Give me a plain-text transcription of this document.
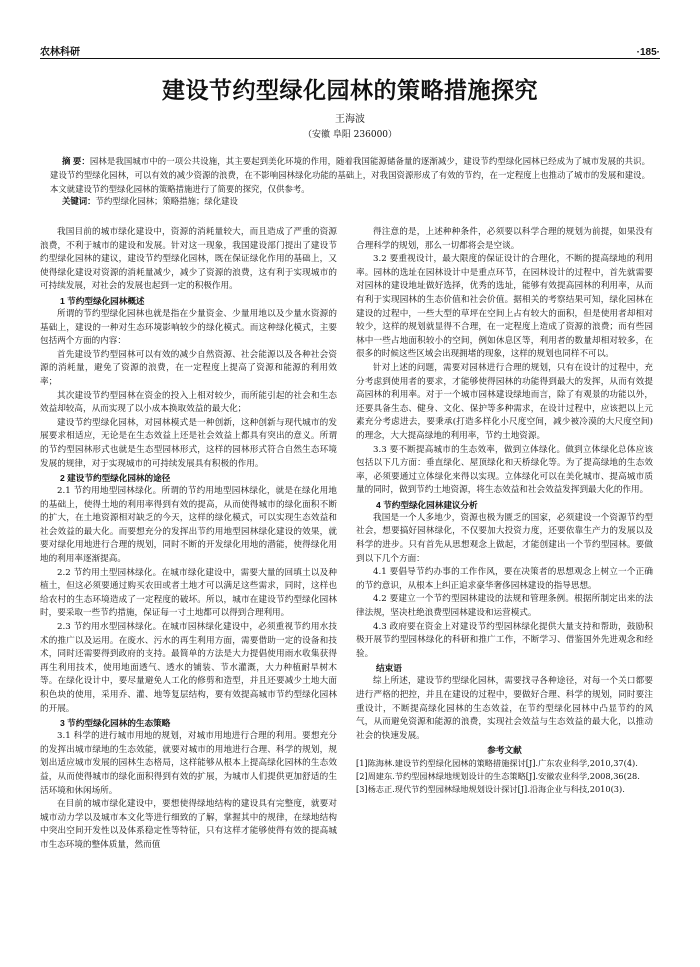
农林科研	·185·
建设节约型绿化园林的策略措施探究
王海波
（安徽 阜阳 236000）
摘 要：园林是我国城市中的一项公共设施，其主要起到美化环境的作用，随着我国能源储备量的逐渐减少，建设节约型绿化园林已经成为了城市发展的共识。建设节约型绿化园林，可以有效的减少资源的浪费，在不影响园林绿化功能的基础上，对我国资源形成了有效的节约，在一定程度上也推动了城市的发展和建设。本文就建设节约型绿化园林的策略措施进行了简要的探究，仅供参考。
关键词：节约型绿化园林；策略措施；绿化建设

我国目前的城市绿化建设中，资源的消耗量较大，而且造成了严重的资源浪费，不利于城市的建设和发展。针对这一现象，我国建设部门提出了建设节约型绿化园林的建议，建设节约型绿化园林，既在保证绿化作用的基础上，又使得绿化建设对资源的消耗量减少，减少了资源的浪费，这有利于实现城市的可持续发展，对社会的发展也起到一定的积极作用。

1 节约型绿化园林概述

所谓的节约型绿化园林也就是指在少量资金、少量用地以及少量水资源的基础上，建设的一种对生态环境影响较少的绿化模式。而这种绿化模式，主要包括两个方面的内容：

首先建设节约型园林可以有效的减少自然资源、社会能源以及各种社会资源的消耗量，避免了资源的浪费，在一定程度上提高了资源和能源的利用效率；

其次建设节约型园林在资金的投入上相对较少，而所能引起的社会和生态效益却较高，从而实现了以小成本换取效益的最大化；

建设节约型绿化园林，对园林模式是一种创新，这种创新与现代城市的发展要求相适应，无论是在生态效益上还是社会效益上都具有突出的意义。所谓的节约型园林形式也就是生态型园林形式，这样的园林形式符合自然生态环境发展的规律，对于实现城市的可持续发展具有积极的作用。

2 建设节约型绿化园林的途径

2.1 节约用地型园林绿化。所谓的节约用地型园林绿化，就是在绿化用地的基础上，使得土地的利用率得到有效的提高，从而使得城市的绿化面积不断的扩大，在土地资源相对缺乏的今天，这样的绿化模式，可以实现生态效益和社会效益的最大化。而要想充分的发挥出节约用地型园林绿化建设的效果，就要对绿化用地进行合理的规划，同时不断的开发绿化用地的潜能，使得绿化用地的利用率逐渐提高。

2.2 节约用土型园林绿化。在城市绿化建设中，需要大量的回填土以及种植土，但这必须要通过购买农田或者土地才可以满足这些需求，同时，这样也给农村的生态环境造成了一定程度的破坏。所以，城市在建设节约型绿化园林时，要采取一些节约措施，保证每一寸土地都可以得到合理利用。

2.3 节约用水型园林绿化。在城市园林绿化建设中，必须重视节约用水技术的推广以及运用。在废水、污水的再生利用方面，需要借助一定的设备和技术，同时还需要得到政府的支持。最简单的方法是大力提倡使用雨水收集获得再生利用技术，使用地面透气、透水的铺装、节水灌溉，大力种植耐旱树木等。在绿化设计中，要尽量避免人工化的修剪和造型，并且还要减少土地大面积色块的使用，采用乔、灌、地等复层结构，要有效提高城市节约型绿化园林的开展。

3 节约型绿化园林的生态策略

3.1 科学的进行城市用地的规划，对城市用地进行合理的利用。要想充分的发挥出城市绿地的生态效能，就要对城市的用地进行合理、科学的规划，规划出适应城市发展的园林生态格局，这样能够从根本上提高绿化园林的生态效益，从而使得城市的绿化面积得到有效的扩展，为城市人们提供更加舒适的生活环境和休闲场所。

在目前的城市绿化建设中，要想使得绿地结构的建设具有完整度，就要对城市动力学以及城市本文化等进行细致的了解，掌握其中的规律，在绿地结构中突出空间开发性以及体系稳定性等特征，只有这样才能够使得有效的提高城市生态环境的整体质量，然而值

得注意的是，上述种种条件，必须要以科学合理的规划为前提，如果没有合理科学的规划，那么一切都将会是空谈。

3.2 要重视设计，最大限度的保证设计的合理化，不断的提高绿地的利用率。园林的选址在园林设计中是重点环节，在园林设计的过程中，首先就需要对园林的建设地址做好选择，优秀的选址，能够有效提高园林的利用率，从而有利于实现园林的生态价值和社会价值。据相关的考察结果可知，绿化园林在建设的过程中，一些大型的草坪在空间上占有较大的面积，但是使用者却相对较少，这样的规划就显得不合理，在一定程度上造成了资源的浪费；而有些园林中一些占地面积较小的空间，例如休息区等，利用者的数量却相对较多，在很多的时候这些区域会出现拥堵的现象，这样的规划也同样不可以。

针对上述的问题，需要对园林进行合理的规划，只有在设计的过程中，充分考虑到使用者的要求，才能够使得园林的功能得到最大的发挥，从而有效提高园林的利用率。对于一个城市园林建设绿地而言，除了有观景的功能以外，还要具备生态、健身、文化、保护等多种需求，在设计过程中，应该把以上元素充分考虑进去，要秉承(打造多样化小尺度空间，减少被冷漠的大尺度空间)的理念，大大提高绿地的利用率，节约土地资源。

3.3 要不断提高城市的生态效率，做到立体绿化。做到立体绿化总体应该包括以下几方面：垂直绿化、屋顶绿化和天桥绿化等。为了提高绿地的生态效率，必须要通过立体绿化来得以实现。立体绿化可以在美化城市、提高城市质量的同时，做到节约土地资源，将生态效益和社会效益发挥到最大化的作用。

4 节约型绿化园林建议分析

我国是一个人多地少，资源也极为匮乏的国家，必须建设一个资源节约型社会，想要搞好园林绿化，不仅要加大投资力度，还要依靠生产力的发展以及科学的进步。只有首先从思想观念上做起，才能创建出一个节约型园林。要做到以下几个方面：

4.1 要倡导节约办事的工作作风，要在决策者的思想观念上树立一个正确的节约意识，从根本上纠正追求豪华奢侈园林建设的指导思想。

4.2 要建立一个节约型园林建设的法规和管理条例。根据所制定出来的法律法规，坚决杜绝浪费型园林建设和运营模式。

4.3 政府要在资金上对建设节约型园林绿化提供大量支持和帮助，鼓励积极开展节约型园林绿化的科研和推广工作，不断学习、借鉴国外先进观念和经验。

结束语

综上所述，建设节约型绿化园林，需要找寻各种途径，对每一个关口都要进行严格的把控，并且在建设的过程中，要做好合理、科学的规划，同时要注重设计，不断提高绿化园林的生态效益，在节约型绿化园林中凸显节约的风气，从而避免资源和能源的浪费，实现社会效益与生态效益的最大化，以推动社会的快速发展。

参考文献

[1]陈海林.建设节约型绿化园林的策略措施探讨[J].广东农业科学,2010,37(4).

[2]周建东.节约型园林绿地规划设计的生态策略[J].安徽农业科学,2008,36(28.

[3]杨志正.现代节约型园林绿地规划设计探讨[J].沿海企业与科技,2010(3).
